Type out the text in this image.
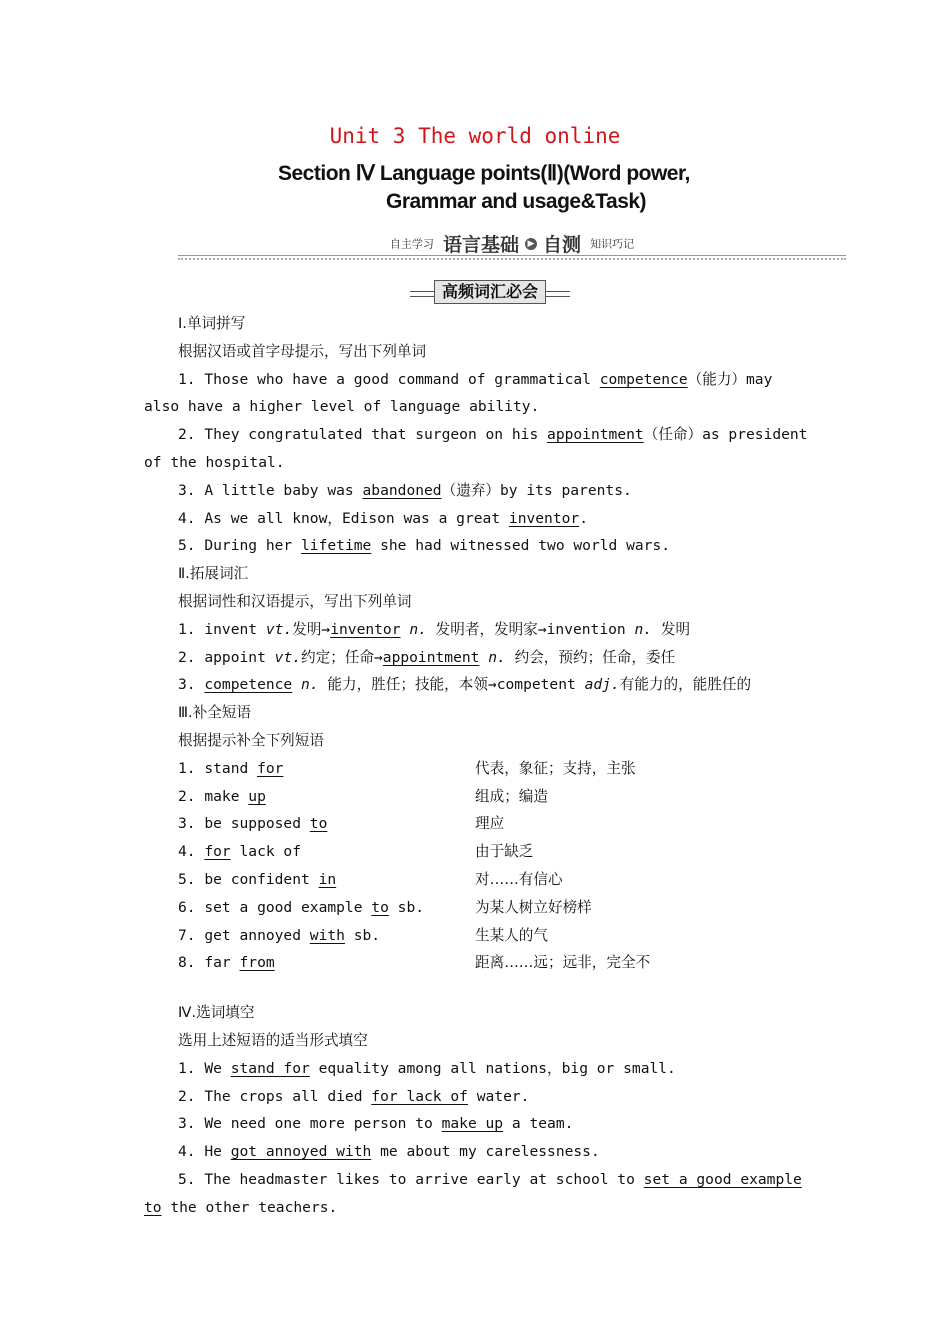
Unit 3 The world online
Section Ⅳ Language points(Ⅱ)(Word power,
Grammar and usage&Task)
自主学习 语言基础 ▶ 自测 知识巧记
高频词汇必会

Ⅰ.单词拼写

根据汉语或首字母提示，写出下列单词

1. Those who have a good command of grammatical competence（能力）may also have a higher level of language ability.

2. They congratulated that surgeon on his appointment（任命）as president of the hospital.

3. A little baby was abandoned（遗弃）by its parents.

4. As we all know，Edison was a great inventor.

5. During her lifetime she had witnessed two world wars.

Ⅱ.拓展词汇

根据词性和汉语提示，写出下列单词

1. invent vt.发明→inventor n. 发明者，发明家→invention n. 发明

2. appoint vt.约定；任命→appointment n. 约会，预约；任命，委任

3. competence n. 能力，胜任；技能，本领→competent adj.有能力的，能胜任的

Ⅲ.补全短语

根据提示补全下列短语

1. stand for	代表，象征；支持，主张
2. make up	组成；编造
3. be supposed to	理应
4. for lack of	由于缺乏
5. be confident in	对……有信心
6. set a good example to sb.	为某人树立好榜样
7. get annoyed with sb.	生某人的气
8. far from	距离……远；远非，完全不

Ⅳ.选词填空

选用上述短语的适当形式填空

1. We stand for equality among all nations，big or small.

2. The crops all died for lack of water.

3. We need one more person to make up a team.

4. He got annoyed with me about my carelessness.

5. The headmaster likes to arrive early at school to set a good example to the other teachers.
